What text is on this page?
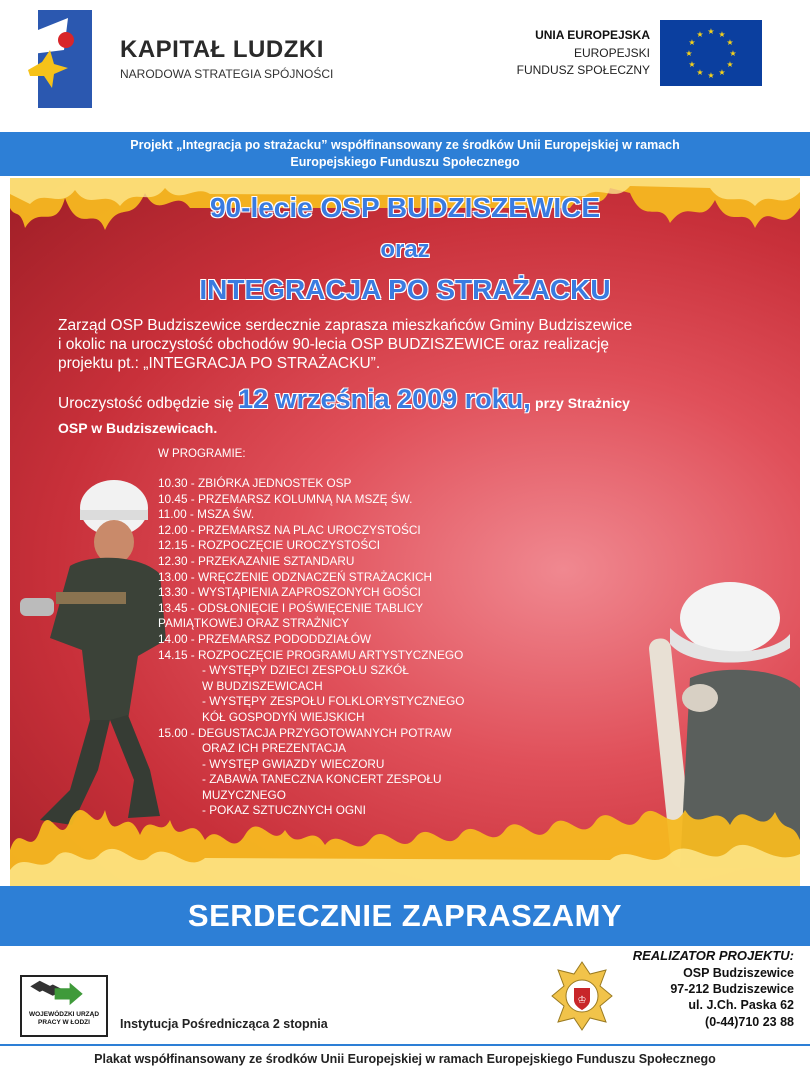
KAPITAŁ LUDZKI
NARODOWA STRATEGIA SPÓJNOŚCI
UNIA EUROPEJSKA
EUROPEJSKI
FUNDUSZ SPOŁECZNY
★ ★
★
★
★
★
★
★
★
★
★
★
Projekt „Integracja po strażacku” współfinansowany ze środków Unii Europejskiej w ramach
Europejskiego Funduszu Społecznego
90-lecie OSP BUDZISZEWICE
oraz
INTEGRACJA PO STRAŻACKU
Zarząd OSP Budziszewice serdecznie zaprasza mieszkańców Gminy Budziszewice
i okolic na uroczystość obchodów 90-lecia OSP BUDZISZEWICE oraz realizację
projektu pt.: „INTEGRACJA PO STRAŻACKU”.
Uroczystość odbędzie się 12 września 2009 roku, przy Strażnicy
OSP w Budziszewicach.
W PROGRAMIE:
10.30 - ZBIÓRKA JEDNOSTEK OSP
10.45 - PRZEMARSZ KOLUMNĄ NA MSZĘ ŚW.
11.00 - MSZA ŚW.
12.00 - PRZEMARSZ NA PLAC UROCZYSTOŚCI
12.15 - ROZPOCZĘCIE UROCZYSTOŚCI
12.30 - PRZEKAZANIE SZTANDARU
13.00 - WRĘCZENIE ODZNACZEŃ STRAŻACKICH
13.30 - WYSTĄPIENIA ZAPROSZONYCH GOŚCI
13.45 - ODSŁONIĘCIE I POŚWIĘCENIE TABLICY
PAMIĄTKOWEJ ORAZ STRAŻNICY
14.00 - PRZEMARSZ PODODDZIAŁÓW
14.15 - ROZPOCZĘCIE PROGRAMU ARTYSTYCZNEGO
- WYSTĘPY DZIECI ZESPOŁU SZKÓŁ
W BUDZISZEWICACH
- WYSTĘPY ZESPOŁU FOLKLORYSTYCZNEGO
KÓŁ GOSPODYŃ WIEJSKICH
15.00 - DEGUSTACJA PRZYGOTOWANYCH POTRAW
ORAZ ICH PREZENTACJA
- WYSTĘP GWIAZDY WIECZORU
- ZABAWA TANECZNA KONCERT ZESPOŁU
MUZYCZNEGO
- POKAZ SZTUCZNYCH OGNI
SERDECZNIE ZAPRASZAMY
WOJEWÓDZKI URZĄD PRACY W ŁODZI	Instytucja Pośrednicząca 2 stopnia
♔
REALIZATOR PROJEKTU:
OSP Budziszewice
97-212 Budziszewice
ul. J.Ch. Paska 62
(0-44)710 23 88
Plakat współfinansowany ze środków Unii Europejskiej w ramach Europejskiego Funduszu Społecznego
